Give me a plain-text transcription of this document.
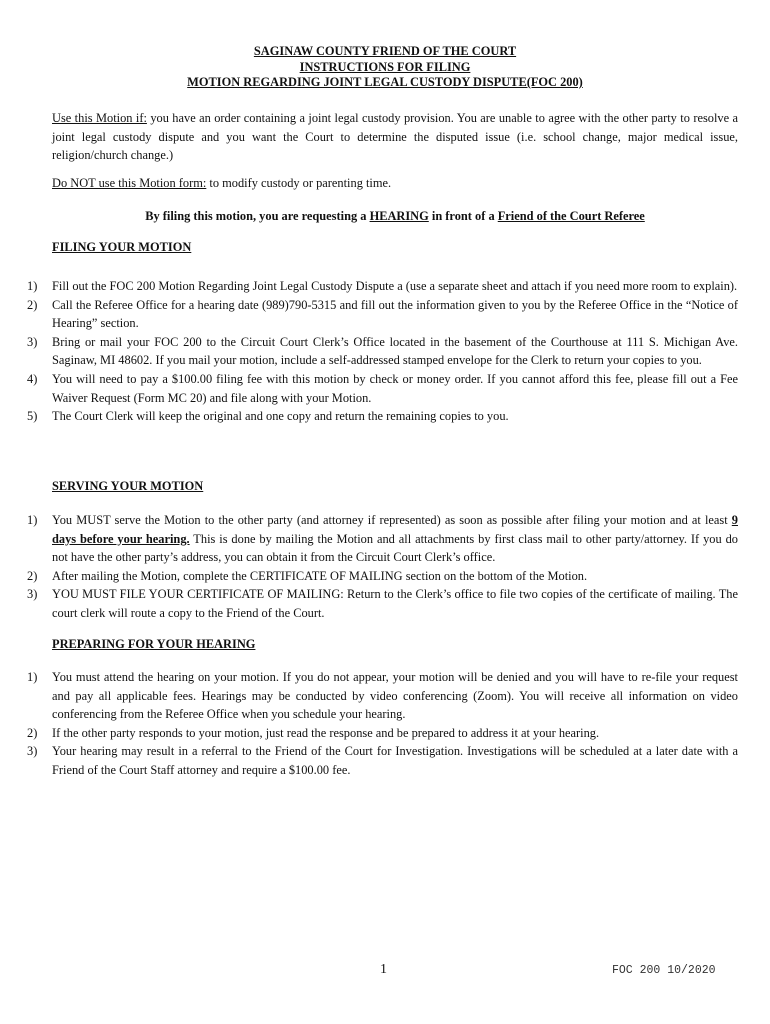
SAGINAW COUNTY FRIEND OF THE COURT
INSTRUCTIONS FOR FILING
MOTION REGARDING JOINT LEGAL CUSTODY DISPUTE(FOC 200)
Use this Motion if: you have an order containing a joint legal custody provision. You are unable to agree with the other party to resolve a joint legal custody dispute and you want the Court to determine the disputed issue (i.e. school change, major medical issue, religion/church change.)
Do NOT use this Motion form: to modify custody or parenting time.
By filing this motion, you are requesting a HEARING in front of a Friend of the Court Referee
FILING YOUR MOTION
1) Fill out the FOC 200 Motion Regarding Joint Legal Custody Dispute a (use a separate sheet and attach if you need more room to explain).
2) Call the Referee Office for a hearing date (989)790-5315 and fill out the information given to you by the Referee Office in the “Notice of Hearing” section.
3) Bring or mail your FOC 200 to the Circuit Court Clerk’s Office located in the basement of the Courthouse at 111 S. Michigan Ave. Saginaw, MI 48602. If you mail your motion, include a self-addressed stamped envelope for the Clerk to return your copies to you.
4) You will need to pay a $100.00 filing fee with this motion by check or money order. If you cannot afford this fee, please fill out a Fee Waiver Request (Form MC 20) and file along with your Motion.
5) The Court Clerk will keep the original and one copy and return the remaining copies to you.
SERVING YOUR MOTION
1) You MUST serve the Motion to the other party (and attorney if represented) as soon as possible after filing your motion and at least 9 days before your hearing. This is done by mailing the Motion and all attachments by first class mail to other party/attorney. If you do not have the other party’s address, you can obtain it from the Circuit Court Clerk’s office.
2) After mailing the Motion, complete the CERTIFICATE OF MAILING section on the bottom of the Motion.
3) YOU MUST FILE YOUR CERTIFICATE OF MAILING: Return to the Clerk’s office to file two copies of the certificate of mailing. The court clerk will route a copy to the Friend of the Court.
PREPARING FOR YOUR HEARING
1) You must attend the hearing on your motion. If you do not appear, your motion will be denied and you will have to re-file your request and pay all applicable fees. Hearings may be conducted by video conferencing (Zoom). You will receive all information on video conferencing from the Referee Office when you schedule your hearing.
2) If the other party responds to your motion, just read the response and be prepared to address it at your hearing.
3) Your hearing may result in a referral to the Friend of the Court for Investigation. Investigations will be scheduled at a later date with a Friend of the Court Staff attorney and require a $100.00 fee.
1	FOC 200 10/2020
